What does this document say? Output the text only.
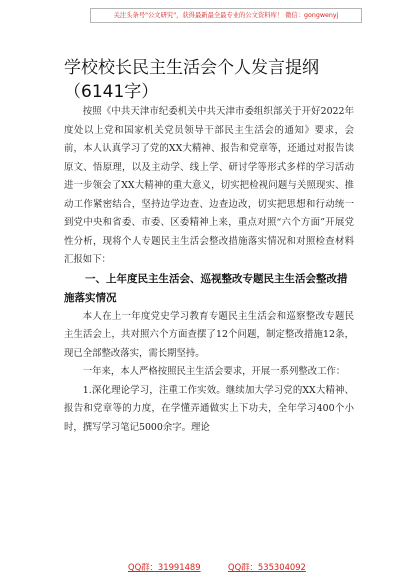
关注头条号"公文研究"，获得最新最全最专业的公文资料库！ 微信：gongwenyj
学校校长民主生活会个人发言提纲（6141字）

按照《中共天津市纪委机关中共天津市委组织部关于开好2022年度处以上党和国家机关党员领导干部民主生活会的通知》要求，会前，本人认真学习了党的XX大精神、报告和党章等，还通过对报告读原文、悟原理，以及主动学、线上学、研讨学等形式多样的学习活动进一步领会了XX大精神的重大意义，切实把检视问题与关照现实、推动工作紧密结合，坚持边学边查、边查边改，切实把思想和行动统一到党中央和省委、市委、区委精神上来，重点对照“六个方面”开展党性分析，现将个人专题民主生活会整改措施落实情况和对照检查材料汇报如下：

一、上年度民主生活会、巡视整改专题民主生活会整改措施落实情况

本人在上一年度党史学习教育专题民主生活会和巡察整改专题民主生活会上，共对照六个方面查摆了12个问题，制定整改措施12条，现已全部整改落实，需长期坚持。

一年来，本人严格按照民主生活会要求，开展一系列整改工作：

1.深化理论学习，注重工作实效。继续加大学习党的XX大精神、报告和党章等的力度，在学懂弄通做实上下功夫，全年学习400个小时，撰写学习笔记5000余字。理论

QQ群：31991489	QQ群：535304092
